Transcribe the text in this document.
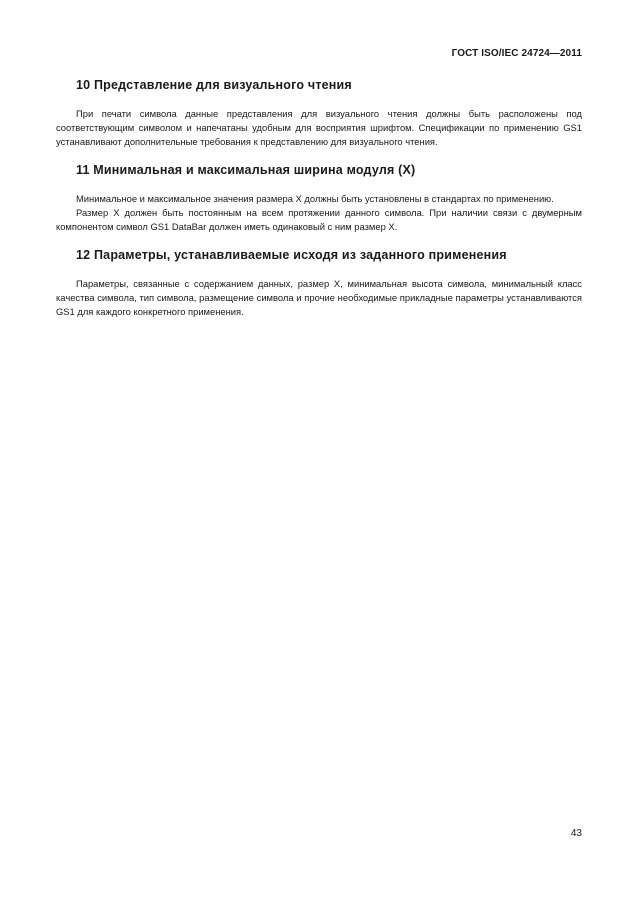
ГОСТ ISO/IEC 24724—2011
10 Представление для визуального чтения

При печати символа данные представления для визуального чтения должны быть расположены под соответствующим символом и напечатаны удобным для восприятия шрифтом. Спецификации по применению GS1 устанавливают дополнительные требования к представлению для визуального чтения.

11 Минимальная и максимальная ширина модуля (X)

Минимальное и максимальное значения размера X должны быть установлены в стандартах по применению.

Размер X должен быть постоянным на всем протяжении данного символа. При наличии связи с двумерным компонентом символ GS1 DataBar должен иметь одинаковый с ним размер X.

12 Параметры, устанавливаемые исходя из заданного применения

Параметры, связанные с содержанием данных, размер X, минимальная высота символа, минимальный класс качества символа, тип символа, размещение символа и прочие необходимые прикладные параметры устанавливаются GS1 для каждого конкретного применения.

43
